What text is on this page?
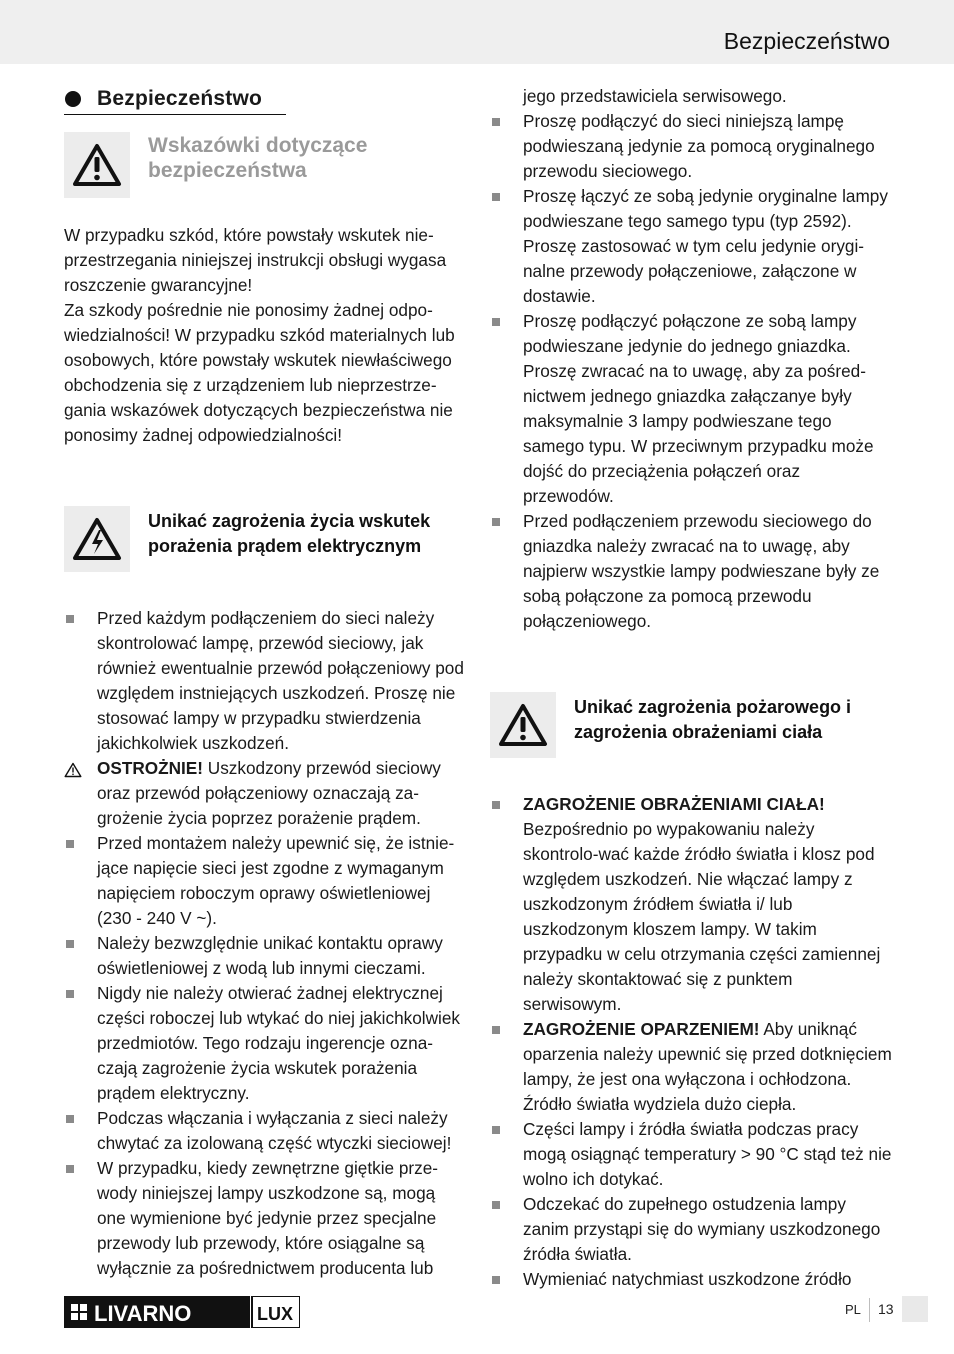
Bezpieczeństwo
Bezpieczeństwo
Wskazówki dotyczące bezpieczeństwa

W przypadku szkód, które powstały wskutek nie-przestrzegania niniejszej instrukcji obsługi wygasa roszczenie gwarancyjne!

Za szkody pośrednie nie ponosimy żadnej odpo-wiedzialności! W przypadku szkód materialnych lub osobowych, które powstały wskutek niewłaściwego obchodzenia się z urządzeniem lub nieprzestrze-gania wskazówek dotyczących bezpieczeństwa nie ponosimy żadnej odpowiedzialności!

Unikać zagrożenia życia wskutek porażenia prądem elektrycznym
Przed każdym podłączeniem do sieci należy skontrolować lampę, przewód sieciowy, jak również ewentualnie przewód połączeniowy pod względem instniejących uszkodzeń. Proszę nie stosować lampy w przypadku stwierdzenia jakichkolwiek uszkodzeń.
OSTROŻNIE! Uszkodzony przewód sieciowy oraz przewód połączeniowy oznaczają za-grożenie życia poprzez porażenie prądem.
Przed montażem należy upewnić się, że istnie-jące napięcie sieci jest zgodne z wymaganym napięciem roboczym oprawy oświetleniowej (230 - 240 V ~).
Należy bezwzględnie unikać kontaktu oprawy oświetleniowej z wodą lub innymi cieczami.
Nigdy nie należy otwierać żadnej elektrycznej części roboczej lub wtykać do niej jakichkolwiek przedmiotów. Tego rodzaju ingerencje ozna-czają zagrożenie życia wskutek porażenia prądem elektryczny.
Podczas włączania i wyłączania z sieci należy chwytać za izolowaną część wtyczki sieciowej!
W przypadku, kiedy zewnętrzne giętkie prze-wody niniejszej lampy uszkodzone są, mogą one wymienione być jedynie przez specjalne przewody lub przewody, które osiągalne są wyłącznie za pośrednictwem producenta lub
jego przedstawiciela serwisowego.
Proszę podłączyć do sieci niniejszą lampę podwieszaną jedynie za pomocą oryginalnego przewodu sieciowego.
Proszę łączyć ze sobą jedynie oryginalne lampy podwieszane tego samego typu (typ 2592). Proszę zastosować w tym celu jedynie orygi-nalne przewody połączeniowe, załączone w dostawie.
Proszę podłączyć połączone ze sobą lampy podwieszane jedynie do jednego gniazdka. Proszę zwracać na to uwagę, aby za pośred-nictwem jednego gniazdka załączanye były maksymalnie 3 lampy podwieszane tego samego typu. W przeciwnym przypadku może dojść do przeciążenia połączeń oraz przewodów.
Przed podłączeniem przewodu sieciowego do gniazdka należy zwracać na to uwagę, aby najpierw wszystkie lampy podwieszane były ze sobą połączone za pomocą przewodu połączeniowego.
Unikać zagrożenia pożarowego i zagrożenia obrażeniami ciała
ZAGROŻENIE OBRAŻENIAMI CIAŁA!
Bezpośrednio po wypakowaniu należy skontrolo-wać każde źródło światła i klosz pod względem uszkodzeń. Nie włączać lampy z uszkodzonym źródłem światła i/ lub uszkodzonym kloszem lampy. W takim przypadku w celu otrzymania części zamiennej należy skontaktować się z punktem serwisowym.
ZAGROŻENIE OPARZENIEM! Aby uniknąć oparzenia należy upewnić się przed dotknięciem lampy, że jest ona wyłączona i ochłodzona. Źródło światła wydziela dużo ciepła.
Części lampy i źródła światła podczas pracy mogą osiągnąć temperatury > 90 °C stąd też nie wolno ich dotykać.
Odczekać do zupełnego ostudzenia lampy zanim przystąpi się do wymiany uszkodzonego źródła światła.
Wymieniać natychmiast uszkodzone źródło
LIVARNO	LUX	PL 13
